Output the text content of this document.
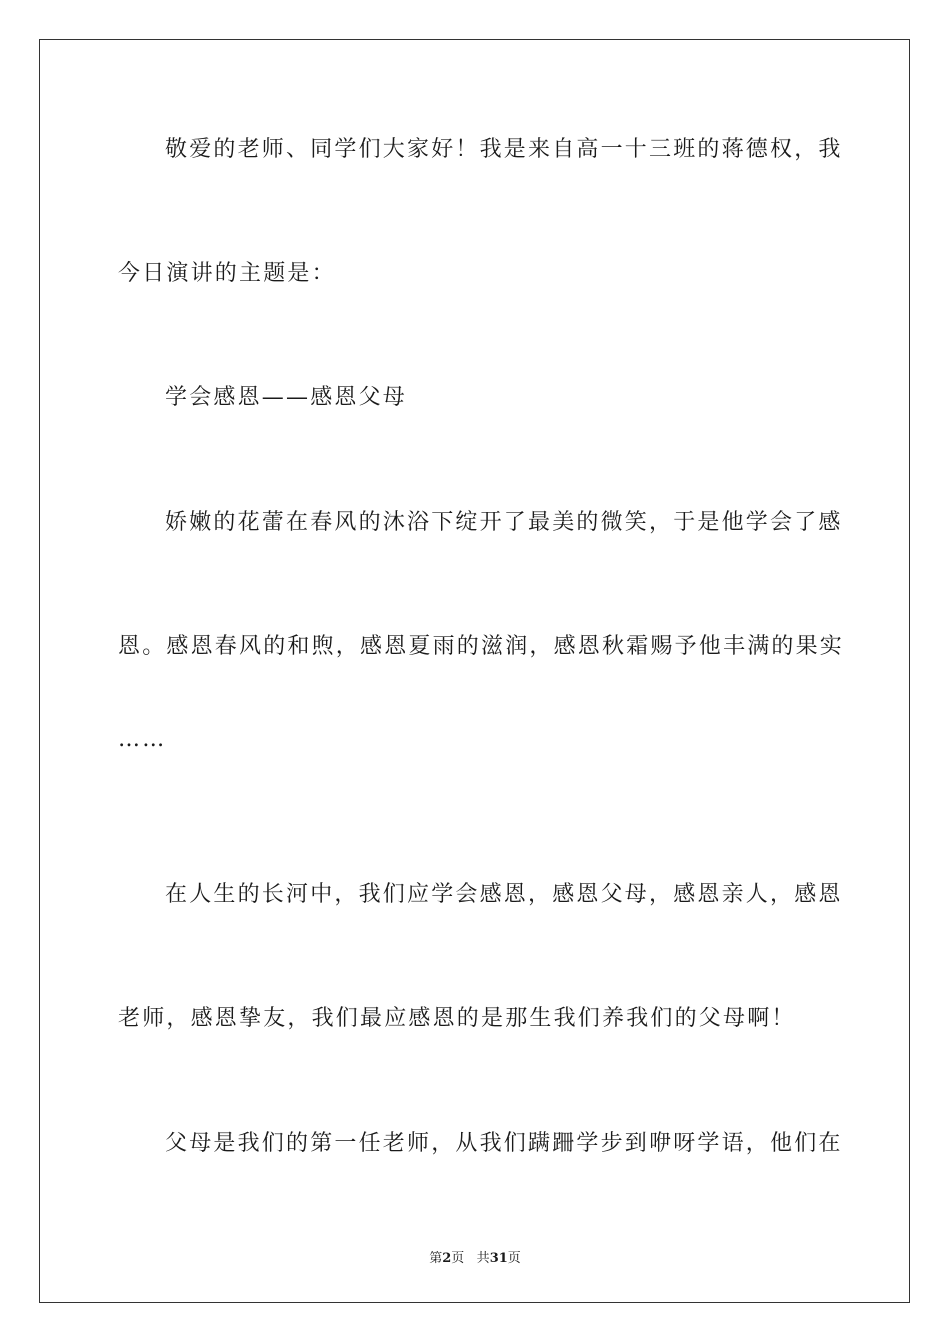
敬爱的老师、同学们大家好！我是来自高一十三班的蒋德权，我
今日演讲的主题是：
学会感恩——感恩父母
娇嫩的花蕾在春风的沐浴下绽开了最美的微笑，于是他学会了感
恩。感恩春风的和煦，感恩夏雨的滋润，感恩秋霜赐予他丰满的果实
……
在人生的长河中，我们应学会感恩，感恩父母，感恩亲人，感恩
老师，感恩挚友，我们最应感恩的是那生我们养我们的父母啊！
父母是我们的第一任老师，从我们蹒跚学步到咿呀学语，他们在
第2页 共31页
